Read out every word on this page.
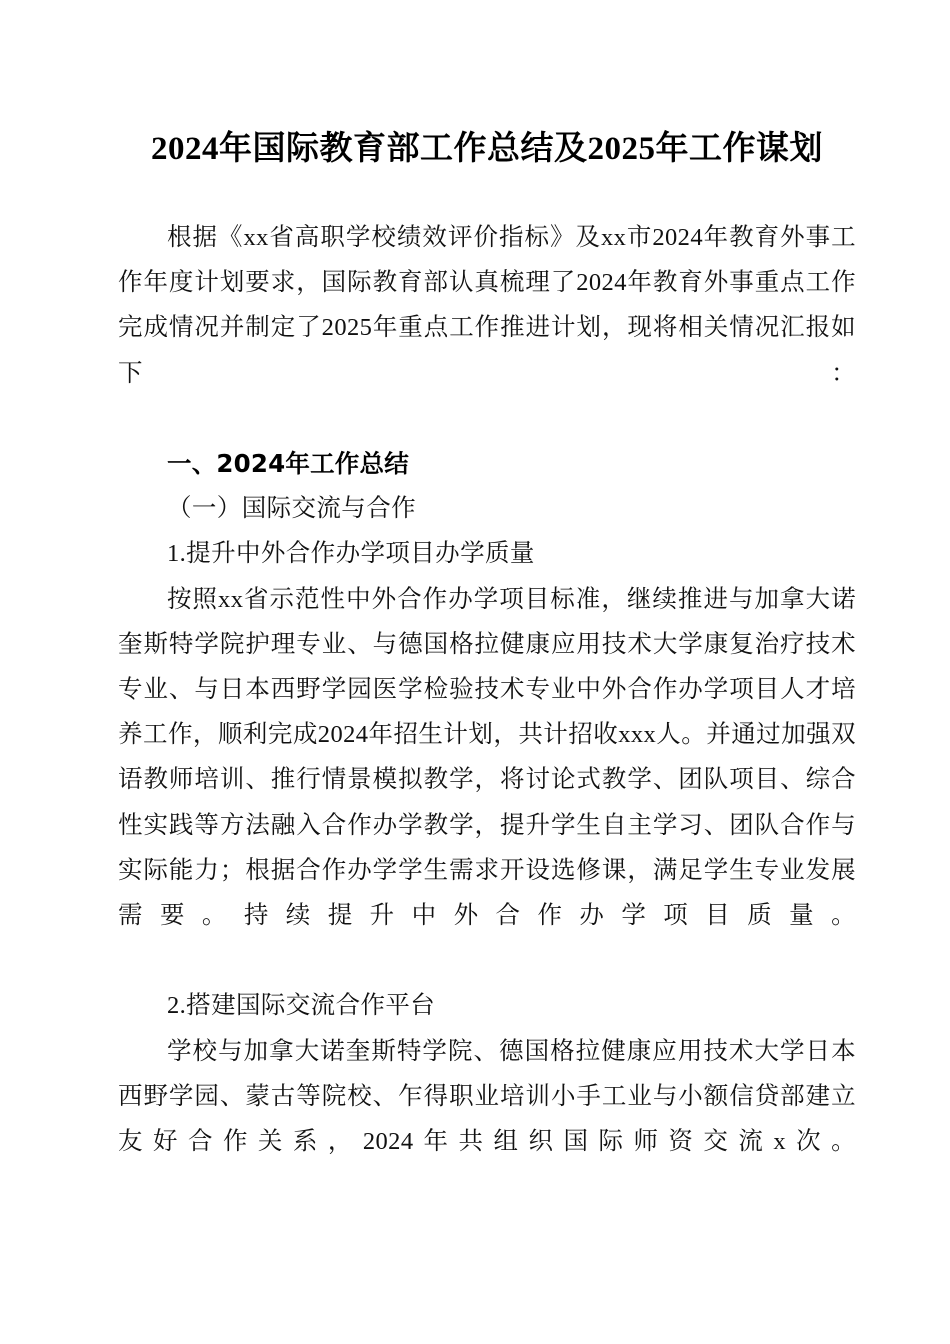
2024年国际教育部工作总结及2025年工作谋划

根据《xx省高职学校绩效评价指标》及xx市2024年教育外事工作年度计划要求，国际教育部认真梳理了2024年教育外事重点工作完成情况并制定了2025年重点工作推进计划，现将相关情况汇报如下：

一、2024年工作总结

（一）国际交流与合作

1.提升中外合作办学项目办学质量

按照xx省示范性中外合作办学项目标准，继续推进与加拿大诺奎斯特学院护理专业、与德国格拉健康应用技术大学康复治疗技术专业、与日本西野学园医学检验技术专业中外合作办学项目人才培养工作，顺利完成2024年招生计划，共计招收xxx人。并通过加强双语教师培训、推行情景模拟教学，将讨论式教学、团队项目、综合性实践等方法融入合作办学教学，提升学生自主学习、团队合作与实际能力；根据合作办学学生需求开设选修课，满足学生专业发展需要。持续提升中外合作办学项目质量。

2.搭建国际交流合作平台

学校与加拿大诺奎斯特学院、德国格拉健康应用技术大学日本西野学园、蒙古等院校、乍得职业培训小手工业与小额信贷部建立友好合作关系，2024年共组织国际师资交流x次。
